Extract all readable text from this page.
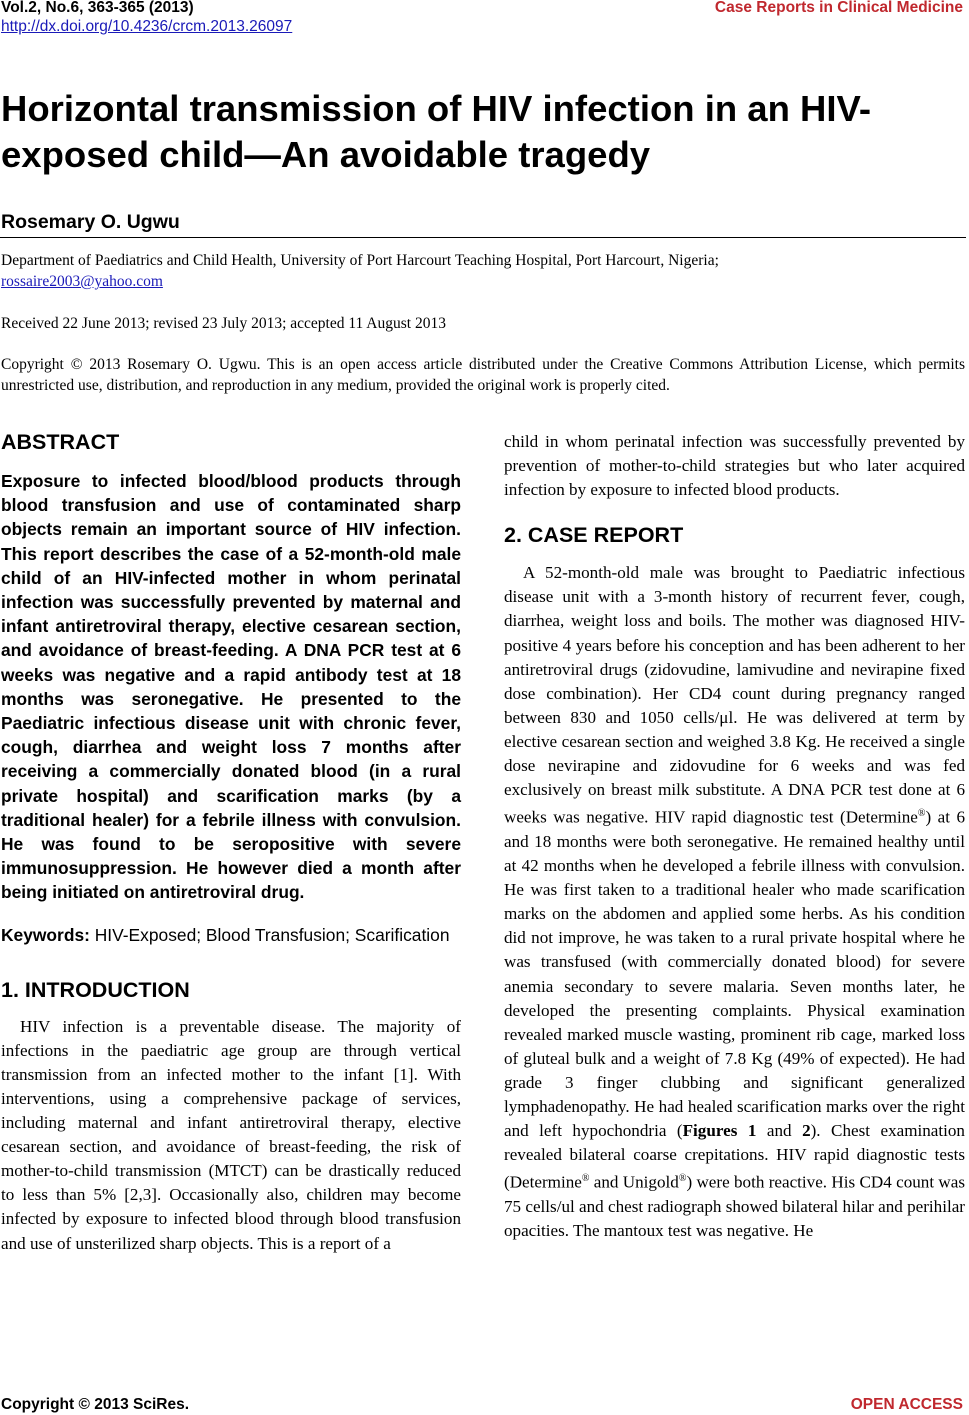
Vol.2, No.6, 363-365 (2013)
http://dx.doi.org/10.4236/crcm.2013.26097
Case Reports in Clinical Medicine
Horizontal transmission of HIV infection in an HIV-exposed child—An avoidable tragedy
Rosemary O. Ugwu
Department of Paediatrics and Child Health, University of Port Harcourt Teaching Hospital, Port Harcourt, Nigeria;
rossaire2003@yahoo.com
Received 22 June 2013; revised 23 July 2013; accepted 11 August 2013
Copyright © 2013 Rosemary O. Ugwu. This is an open access article distributed under the Creative Commons Attribution License, which permits unrestricted use, distribution, and reproduction in any medium, provided the original work is properly cited.
ABSTRACT
Exposure to infected blood/blood products through blood transfusion and use of contaminated sharp objects remain an important source of HIV infection. This report describes the case of a 52-month-old male child of an HIV-infected mother in whom perinatal infection was successfully prevented by maternal and infant antiretroviral therapy, elective cesarean section, and avoidance of breast-feeding. A DNA PCR test at 6 weeks was negative and a rapid antibody test at 18 months was seronegative. He presented to the Paediatric infectious disease unit with chronic fever, cough, diarrhea and weight loss 7 months after receiving a commercially donated blood (in a rural private hospital) and scarification marks (by a traditional healer) for a febrile illness with convulsion. He was found to be seropositive with severe immunosuppression. He however died a month after being initiated on antiretroviral drug.
Keywords: HIV-Exposed; Blood Transfusion; Scarification
1. INTRODUCTION
HIV infection is a preventable disease. The majority of infections in the paediatric age group are through vertical transmission from an infected mother to the infant [1]. With interventions, using a comprehensive package of services, including maternal and infant antiretroviral therapy, elective cesarean section, and avoidance of breast-feeding, the risk of mother-to-child transmission (MTCT) can be drastically reduced to less than 5% [2,3]. Occasionally also, children may become infected by exposure to infected blood through blood transfusion and use of unsterilized sharp objects. This is a report of a
child in whom perinatal infection was successfully prevented by prevention of mother-to-child strategies but who later acquired infection by exposure to infected blood products.
2. CASE REPORT
A 52-month-old male was brought to Paediatric infectious disease unit with a 3-month history of recurrent fever, cough, diarrhea, weight loss and boils. The mother was diagnosed HIV-positive 4 years before his conception and has been adherent to her antiretroviral drugs (zidovudine, lamivudine and nevirapine fixed dose combination). Her CD4 count during pregnancy ranged between 830 and 1050 cells/μl. He was delivered at term by elective cesarean section and weighed 3.8 Kg. He received a single dose nevirapine and zidovudine for 6 weeks and was fed exclusively on breast milk substitute. A DNA PCR test done at 6 weeks was negative. HIV rapid diagnostic test (Determine®) at 6 and 18 months were both seronegative. He remained healthy until at 42 months when he developed a febrile illness with convulsion. He was first taken to a traditional healer who made scarification marks on the abdomen and applied some herbs. As his condition did not improve, he was taken to a rural private hospital where he was transfused (with commercially donated blood) for severe anemia secondary to severe malaria. Seven months later, he developed the presenting complaints. Physical examination revealed marked muscle wasting, prominent rib cage, marked loss of gluteal bulk and a weight of 7.8 Kg (49% of expected). He had grade 3 finger clubbing and significant generalized lymphadenopathy. He had healed scarification marks over the right and left hypochondria (Figures 1 and 2). Chest examination revealed bilateral coarse crepitations. HIV rapid diagnostic tests (Determine® and Unigold®) were both reactive. His CD4 count was 75 cells/ul and chest radiograph showed bilateral hilar and perihilar opacities. The mantoux test was negative. He
Copyright © 2013 SciRes.	OPEN ACCESS
